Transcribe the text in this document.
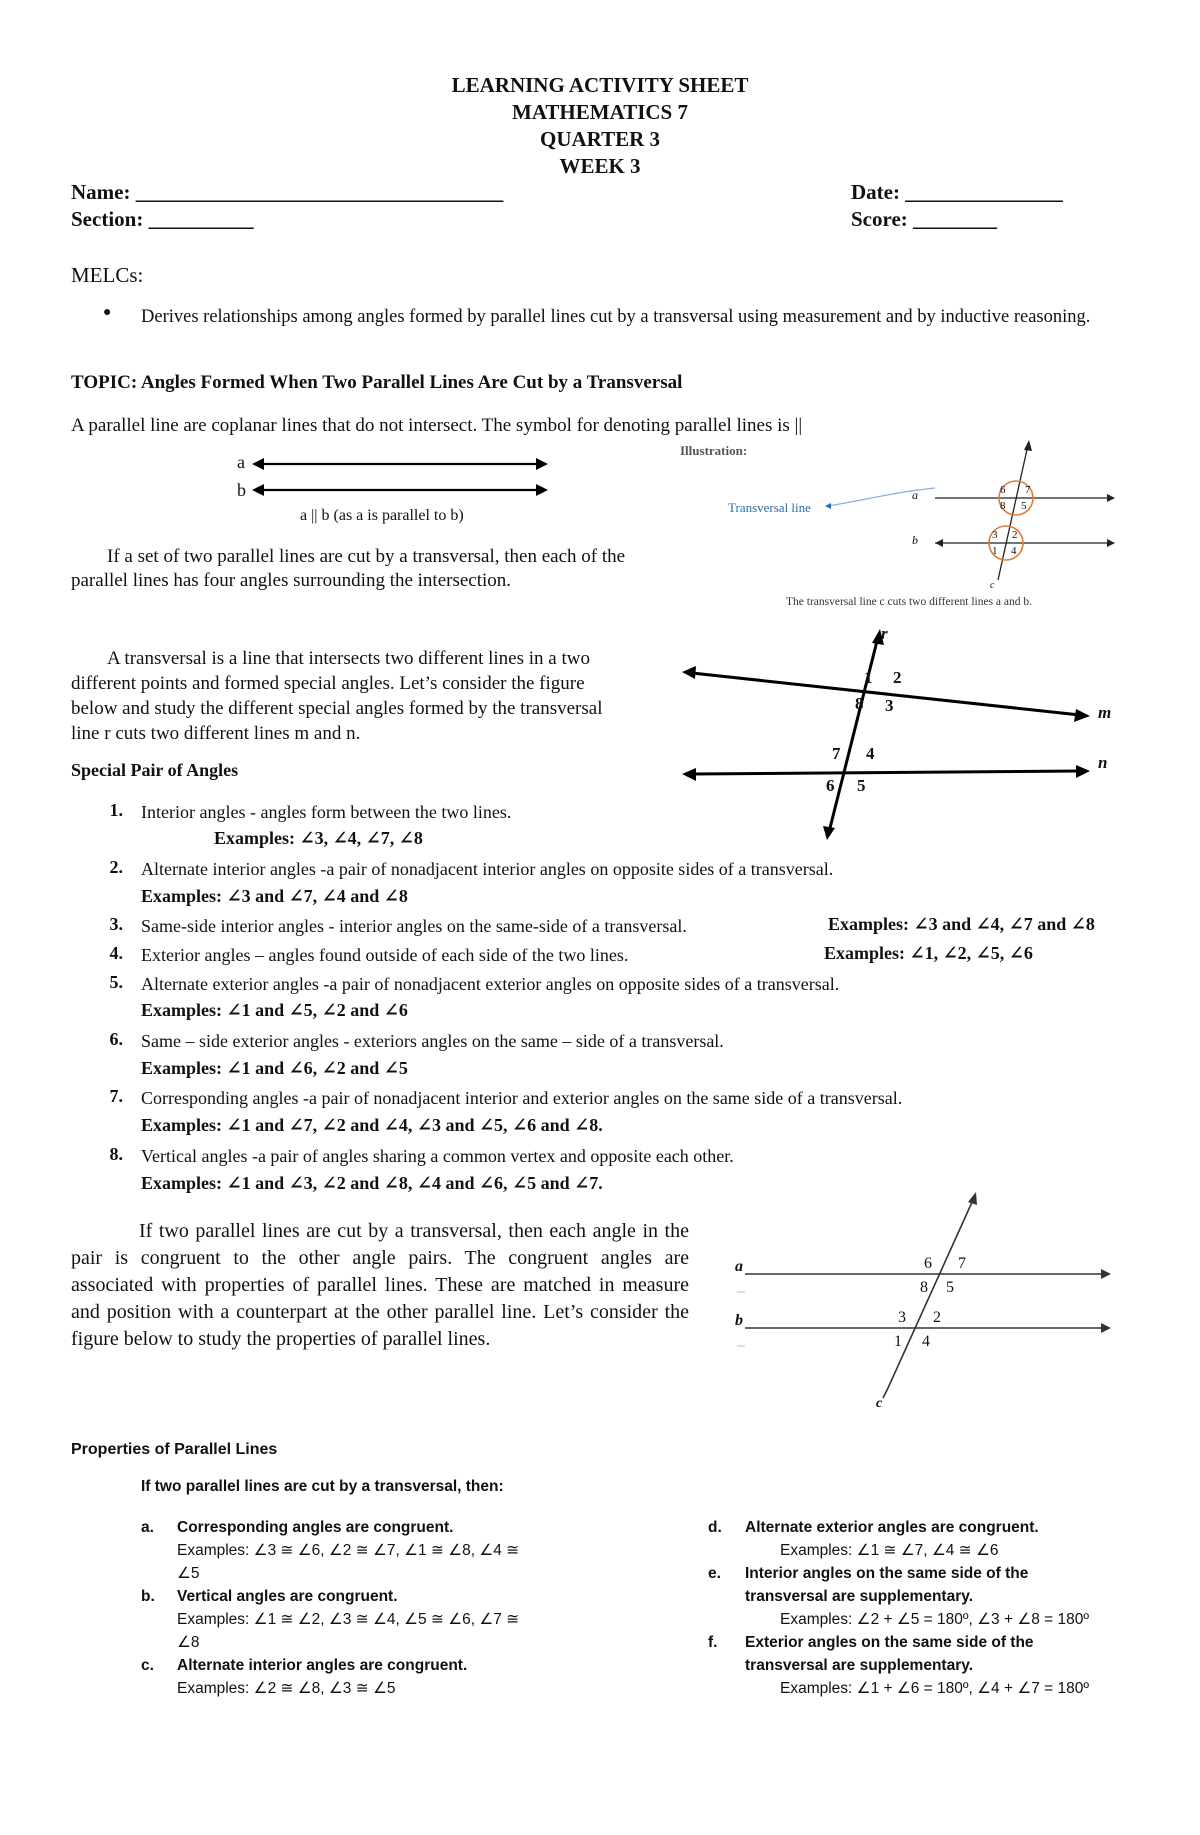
LEARNING ACTIVITY SHEET
MATHEMATICS 7
QUARTER 3
WEEK 3
Name: ___________________________________	Date: _______________
Section: __________	Score: ________
MELCs:
● Derives relationships among angles formed by parallel lines cut by a transversal using measurement and by inductive reasoning.
TOPIC: Angles Formed When Two Parallel Lines Are Cut by a Transversal
A parallel line are coplanar lines that do not intersect. The symbol for denoting parallel lines is ||
a
b
a || b (as a is parallel to b)
Illustration:
Transversal line
a
b
c
6 7
8 5
3 2
1 4
The transversal line c cuts two different lines a and b.
If a set of two parallel lines are cut by a transversal, then each of the parallel lines has four angles surrounding the intersection.
A transversal is a line that intersects two different lines in a two different points and formed special angles. Let’s consider the figure below and study the different special angles formed by the transversal line r cuts two different lines m and n.
r
m
n
1 2
8 3
7 4
6 5
Special Pair of Angles
1. Interior angles - angles form between the two lines.
Examples: ∠3, ∠4, ∠7, ∠8
2. Alternate interior angles -a pair of nonadjacent interior angles on opposite sides of a transversal.
Examples: ∠3 and ∠7, ∠4 and ∠8
3. Same-side interior angles - interior angles on the same-side of a transversal.	Examples: ∠3 and ∠4, ∠7 and ∠8
4. Exterior angles – angles found outside of each side of the two lines.	Examples: ∠1, ∠2, ∠5, ∠6
5. Alternate exterior angles -a pair of nonadjacent exterior angles on opposite sides of a transversal.
Examples: ∠1 and ∠5, ∠2 and ∠6
6. Same – side exterior angles - exteriors angles on the same – side of a transversal.
Examples: ∠1 and ∠6, ∠2 and ∠5
7. Corresponding angles -a pair of nonadjacent interior and exterior angles on the same side of a transversal.
Examples: ∠1 and ∠7, ∠2 and ∠4, ∠3 and ∠5, ∠6 and ∠8.
8. Vertical angles -a pair of angles sharing a common vertex and opposite each other.
Examples: ∠1 and ∠3, ∠2 and ∠8, ∠4 and ∠6, ∠5 and ∠7.
If two parallel lines are cut by a transversal, then each angle in the pair is congruent to the other angle pairs. The congruent angles are associated with properties of parallel lines. These are matched in measure and position with a counterpart at the other parallel line. Let’s consider the figure below to study the properties of parallel lines.
a
b
c
6 7
8 5
3 2
1 4
Properties of Parallel Lines
If two parallel lines are cut by a transversal, then:
a. Corresponding angles are congruent.
Examples: ∠3 ≅ ∠6, ∠2 ≅ ∠7, ∠1 ≅ ∠8, ∠4 ≅
∠5
b. Vertical angles are congruent.
Examples: ∠1 ≅ ∠2, ∠3 ≅ ∠4, ∠5 ≅ ∠6, ∠7 ≅
∠8
c. Alternate interior angles are congruent.
Examples: ∠2 ≅ ∠8, ∠3 ≅ ∠5
d. Alternate exterior angles are congruent.
Examples: ∠1 ≅ ∠7, ∠4 ≅ ∠6
e. Interior angles on the same side of the
transversal are supplementary.
Examples: ∠2 + ∠5 = 180º, ∠3 + ∠8 = 180º
f. Exterior angles on the same side of the
transversal are supplementary.
Examples: ∠1 + ∠6 = 180º, ∠4 + ∠7 = 180º
